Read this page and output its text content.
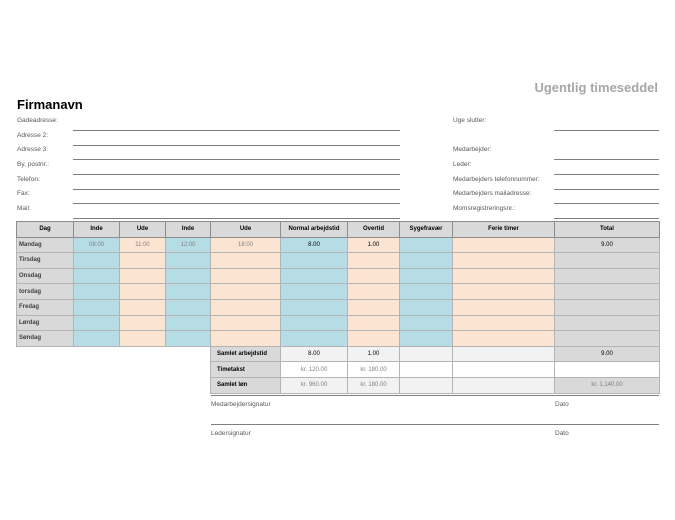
Ugentlig timeseddel
Firmanavn
Gadeadresse:
Adresse 2:
Adresse 3:
By, postnr.:
Telefon:
Fax:
Mail:
Uge slutter:
Medarbejder:
Leder:
Medarbejders telefonnummer:
Medarbejders mailadresse:
Momsregistreringsnr.:
Dag	Inde	Ude	Inde	Ude	Normal arbejdstid	Overtid	Sygefravær	Ferie timer	Total
Mandag	08:00	11:00	12:00	18:00	8.00	1.00			9.00
Tirsdag									
Onsdag									
torsdag									
Fredag									
Lørdag									
Søndag									
				Samlet arbejdstid	8.00	1.00			9.00
				Timetakst	kr. 120.00	kr. 180.00			
				Samlet løn	kr. 960.00	kr. 180.00			kr. 1,140.00
Medarbejdersignatur	Dato
Ledersignatur	Dato
